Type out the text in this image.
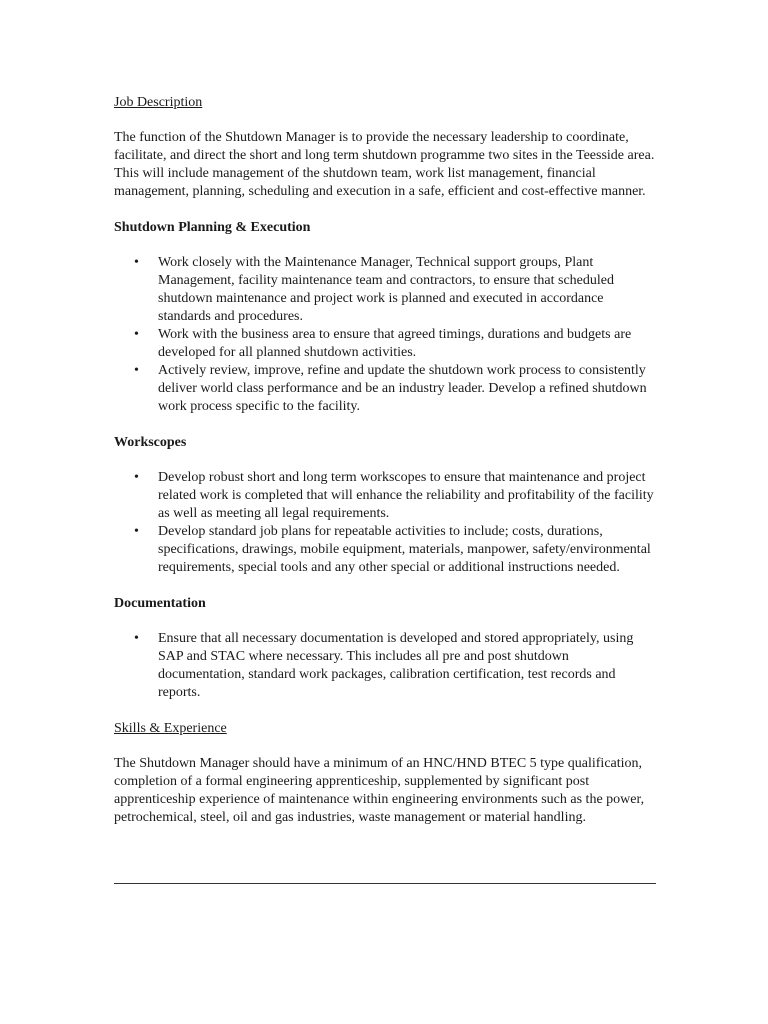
Job Description

The function of the Shutdown Manager is to provide the necessary leadership to coordinate, facilitate, and direct the short and long term shutdown programme two sites in the Teesside area. This will include management of the shutdown team, work list management, financial management, planning, scheduling and execution in a safe, efficient and cost-effective manner.

Shutdown Planning & Execution

• Work closely with the Maintenance Manager, Technical support groups, Plant Management, facility maintenance team and contractors, to ensure that scheduled shutdown maintenance and project work is planned and executed in accordance standards and procedures.
• Work with the business area to ensure that agreed timings, durations and budgets are developed for all planned shutdown activities.
• Actively review, improve, refine and update the shutdown work process to consistently deliver world class performance and be an industry leader. Develop a refined shutdown work process specific to the facility.

Workscopes

• Develop robust short and long term workscopes to ensure that maintenance and project related work is completed that will enhance the reliability and profitability of the facility as well as meeting all legal requirements.
• Develop standard job plans for repeatable activities to include; costs, durations, specifications, drawings, mobile equipment, materials, manpower, safety/environmental requirements, special tools and any other special or additional instructions needed.

Documentation

• Ensure that all necessary documentation is developed and stored appropriately, using SAP and STAC where necessary. This includes all pre and post shutdown documentation, standard work packages, calibration certification, test records and reports.
Skills & Experience

The Shutdown Manager should have a minimum of an HNC/HND BTEC 5 type qualification, completion of a formal engineering apprenticeship, supplemented by significant post apprenticeship experience of maintenance within engineering environments such as the power, petrochemical, steel, oil and gas industries, waste management or material handling.
